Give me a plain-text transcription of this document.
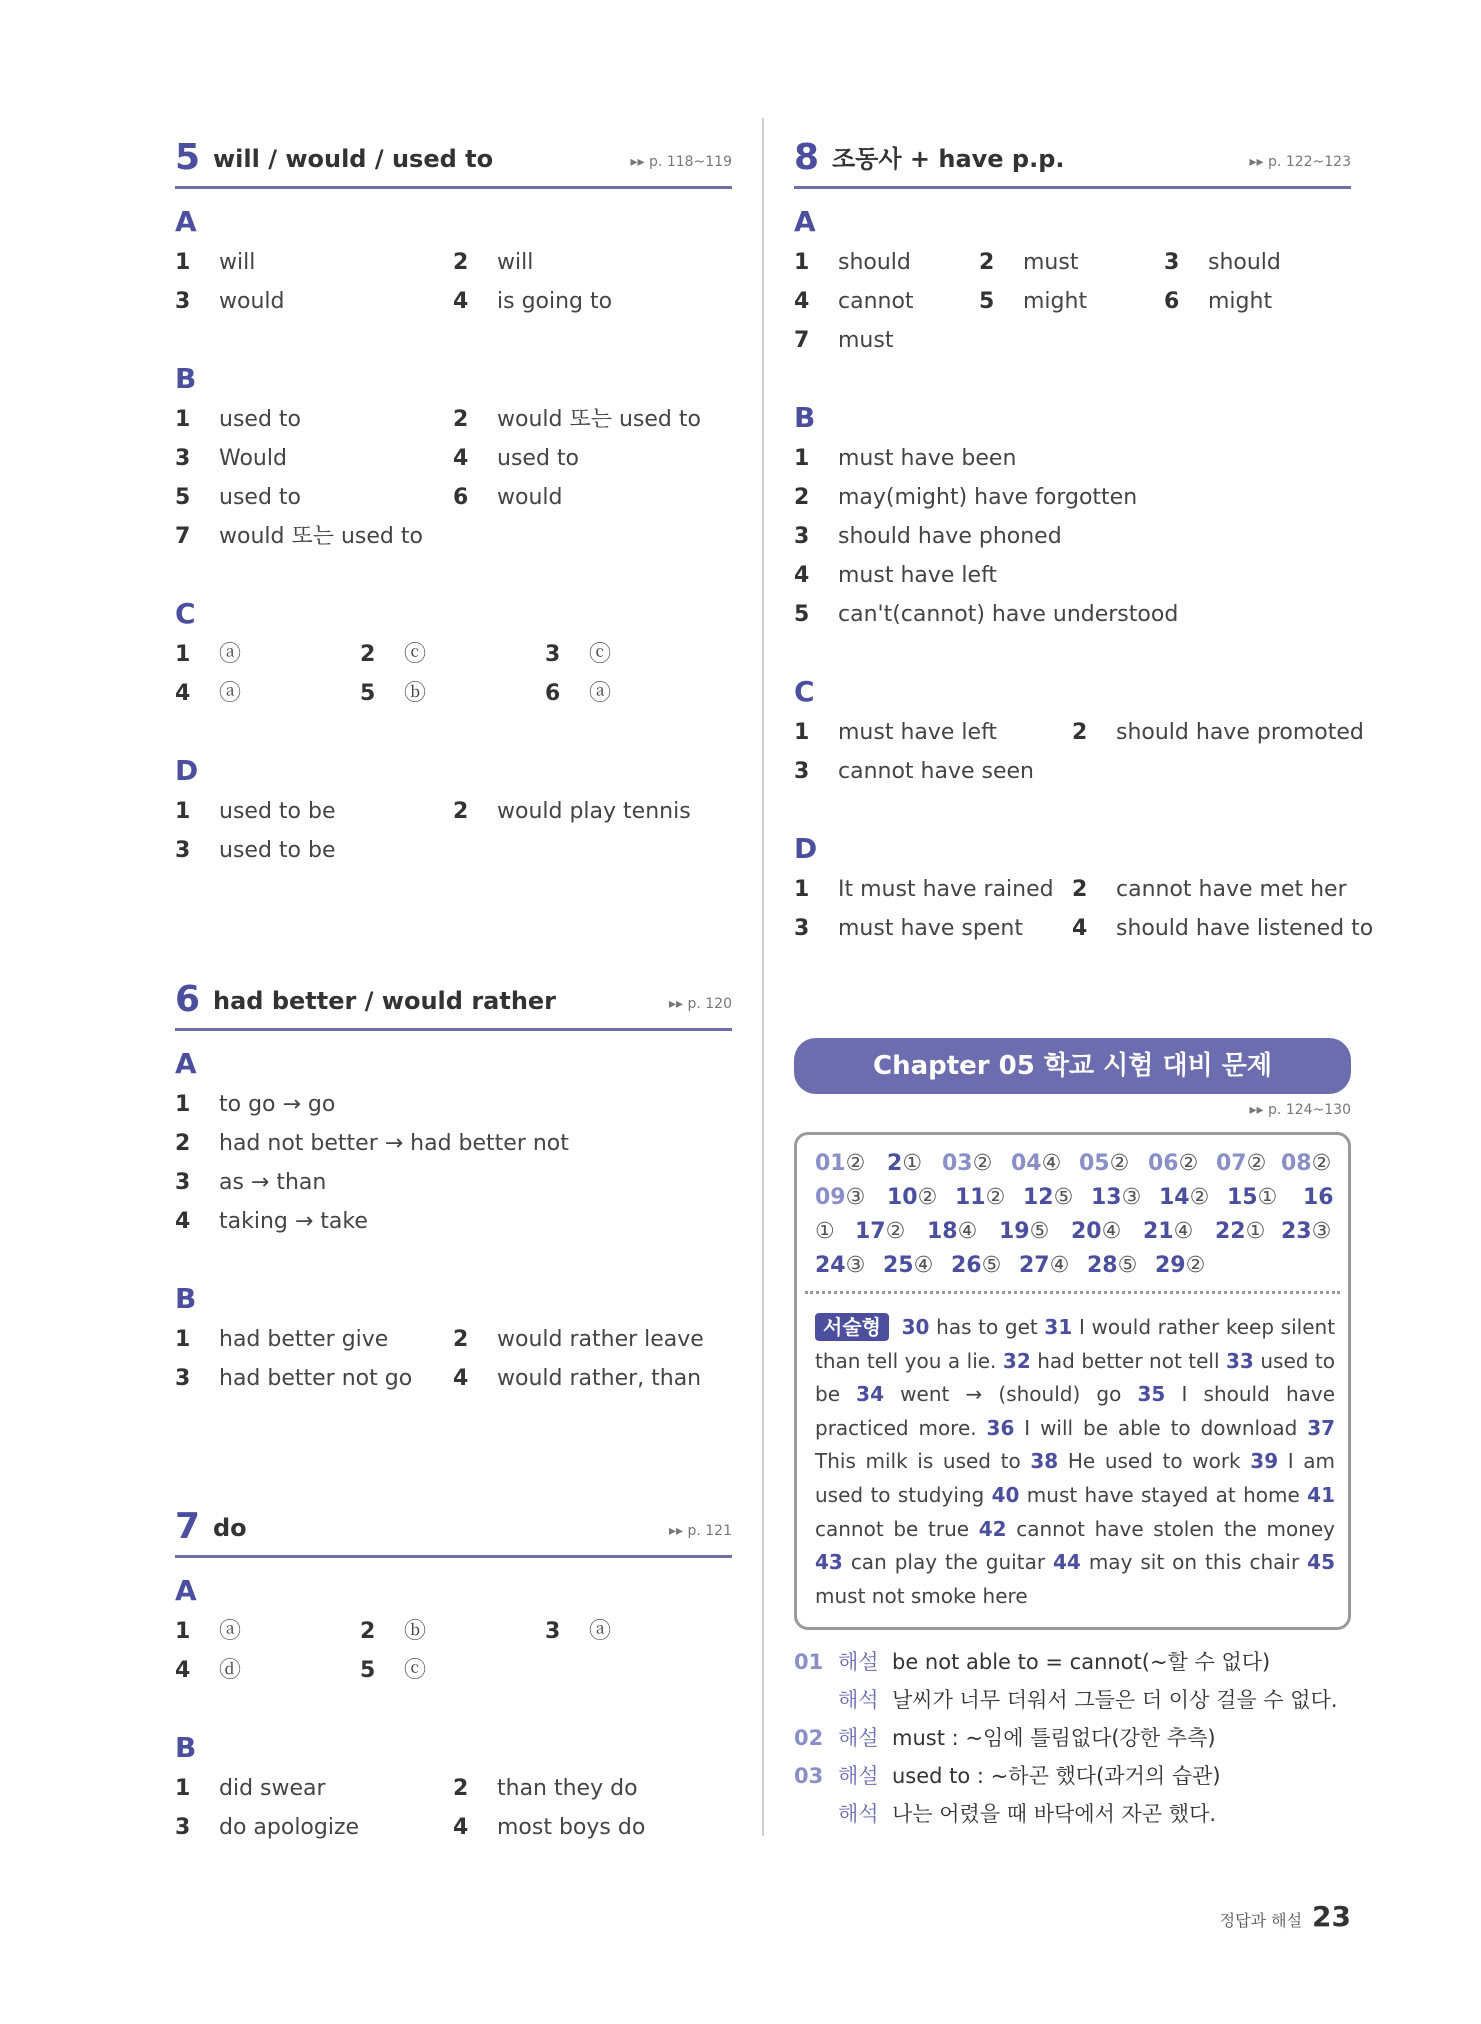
5 will / would / used to	▸▸ p. 118~119
A
1 will	2 will
3 would	4 is going to
B
1 used to	2 would 또는 used to
3 Would	4 used to
5 used to	6 would
7 would 또는 used to
C
1 ⓐ	2 ⓒ	3 ⓒ
4 ⓐ	5 ⓑ	6 ⓐ
D
1 used to be	2 would play tennis
3 used to be
6 had better / would rather	▸▸ p. 120
A
1 to go → go
2 had not better → had better not
3 as → than
4 taking → take
B
1 had better give	2 would rather leave
3 had better not go 4 would rather, than
7 do	▸▸ p. 121
A
1 ⓐ	2 ⓑ	3 ⓐ
4 ⓓ	5 ⓒ
B
1 did swear	2 than they do
3 do apologize	4 most boys do
8 조동사 + have p.p.	▸▸ p. 122~123
A
1 should	2 must	3 should
4 cannot	5 might	6 might
7 must
B
1 must have been
2 may(might) have forgotten
3 should have phoned
4 must have left
5 can't(cannot) have understood
C
1 must have left	2 should have promoted
3 cannot have seen
D
1 It must have rained 2 cannot have met her
3 must have spent 4 should have listened to
Chapter 05 학교 시험 대비 문제
▸▸ p. 124~130
01② 2① 03② 04④ 05② 06② 07② 08②
09③ 10② 11② 12⑤ 13③ 14② 15① 16
① 17② 18④ 19⑤ 20④ 21④ 22① 23③
24③ 25④ 26⑤ 27④ 28⑤ 29②
서술형 30 has to get 31 I would rather keep silent than tell you a lie. 32 had better not tell 33 used to be 34 went → (should) go 35 I should have practiced more. 36 I will be able to download 37 This milk is used to 38 He used to work 39 I am used to studying 40 must have stayed at home 41 cannot be true 42 cannot have stolen the money 43 can play the guitar 44 may sit on this chair 45 must not smoke here
01 해설 be not able to = cannot(~할 수 없다)
해석 날씨가 너무 더워서 그들은 더 이상 걸을 수 없다.
02 해설 must : ~임에 틀림없다(강한 추측)
03 해설 used to : ~하곤 했다(과거의 습관)
해석 나는 어렸을 때 바닥에서 자곤 했다.
정답과 해설 23
